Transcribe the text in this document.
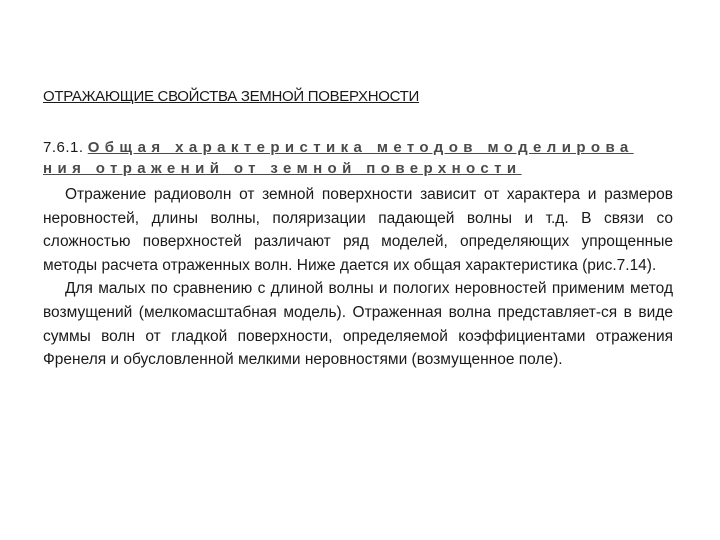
ОТРАЖАЮЩИЕ СВОЙСТВА ЗЕМНОЙ ПОВЕРХНОСТИ
7.6.1. Общая характеристика методов моделирова
ния отражений от земной поверхности

Отражение радиоволн от земной поверхности зависит от характера и размеров неровностей, длины волны, поляризации падающей волны и т.д. В связи со сложностью поверхностей различают ряд моделей, определяющих упрощенные методы расчета отраженных волн. Ниже дается их общая характеристика (рис.7.14).

Для малых по сравнению с длиной волны и пологих неровностей применим метод возмущений (мелкомасштабная модель). Отраженная волна представляет-ся в виде суммы волн от гладкой поверхности, определяемой коэффициентами отражения Френеля и обусловленной мелкими неровностями (возмущенное поле).
